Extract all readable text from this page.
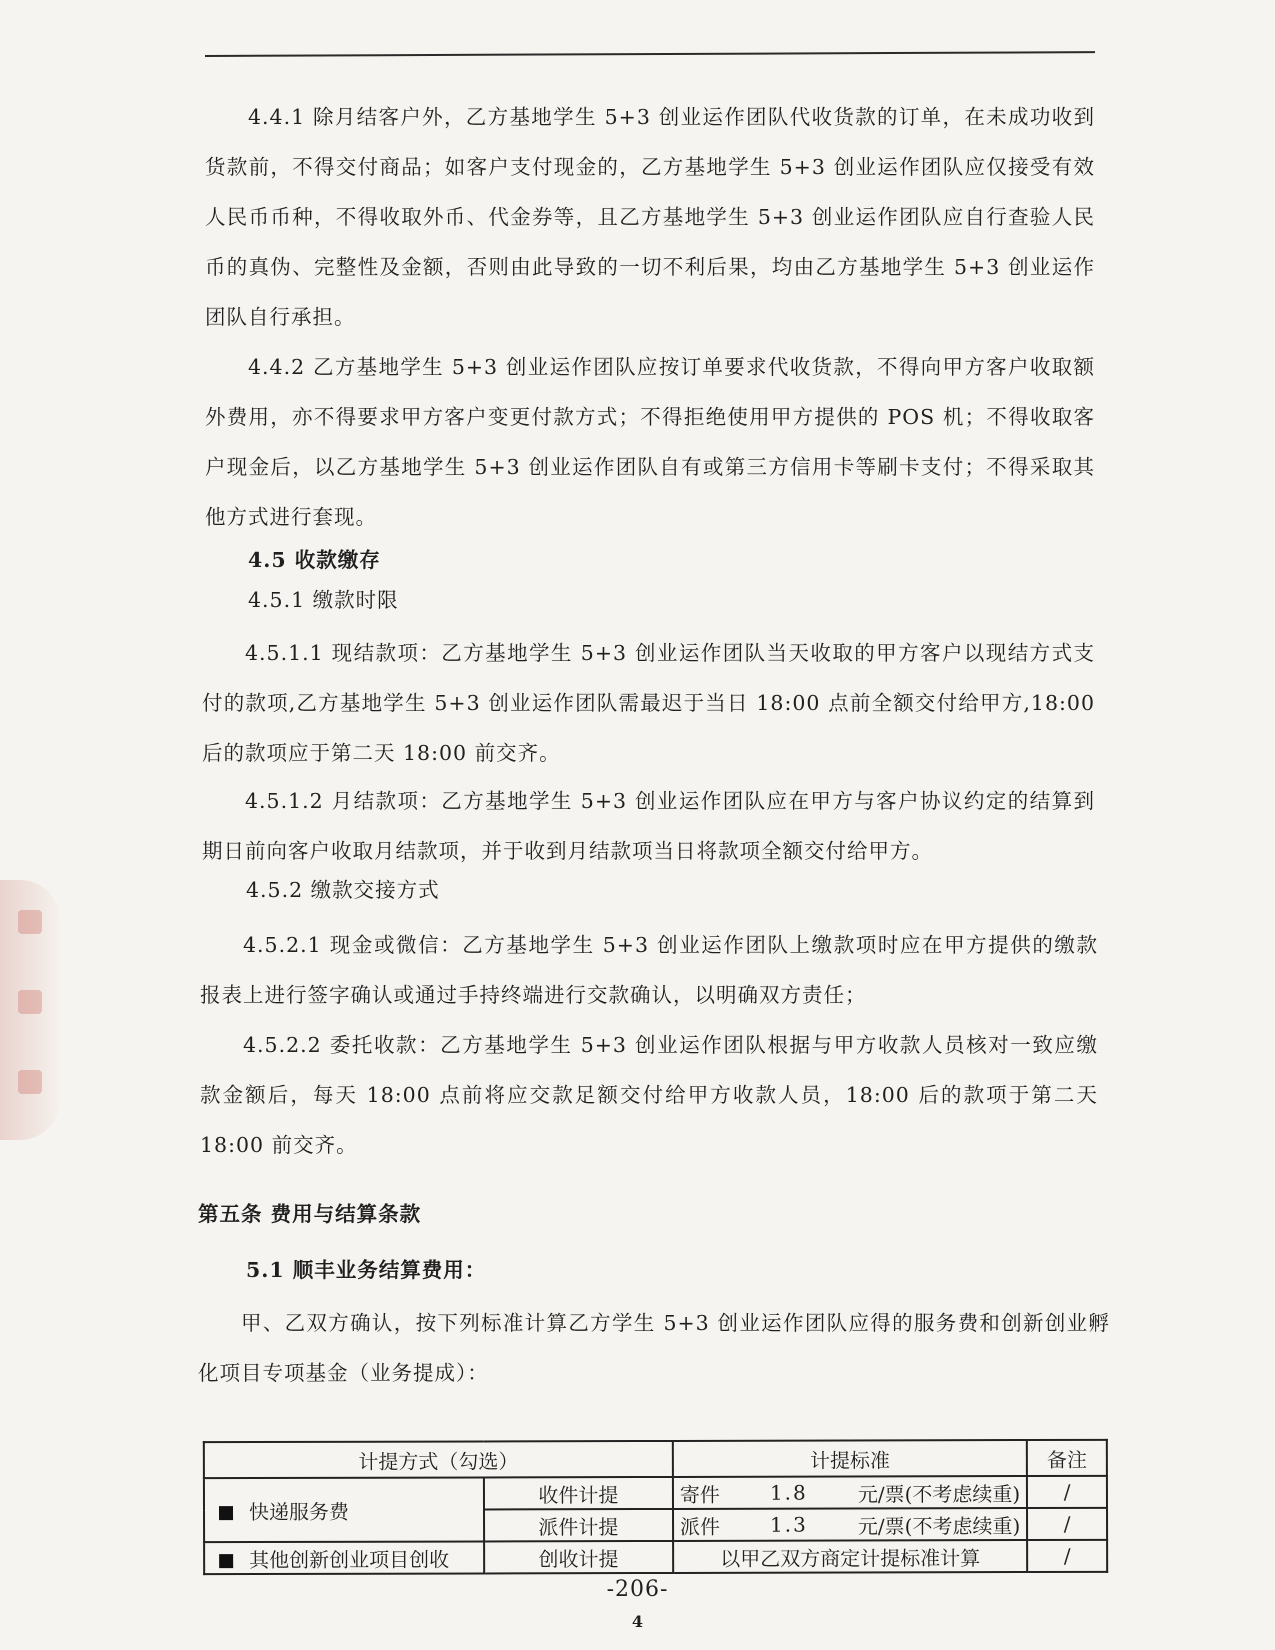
4.4.1 除月结客户外，乙方基地学生 5+3 创业运作团队代收货款的订单，在未成功收到货款前，不得交付商品；如客户支付现金的，乙方基地学生 5+3 创业运作团队应仅接受有效人民币币种，不得收取外币、代金券等，且乙方基地学生 5+3 创业运作团队应自行查验人民币的真伪、完整性及金额，否则由此导致的一切不利后果，均由乙方基地学生 5+3 创业运作团队自行承担。

4.4.2 乙方基地学生 5+3 创业运作团队应按订单要求代收货款，不得向甲方客户收取额外费用，亦不得要求甲方客户变更付款方式；不得拒绝使用甲方提供的 POS 机；不得收取客户现金后，以乙方基地学生 5+3 创业运作团队自有或第三方信用卡等刷卡支付；不得采取其他方式进行套现。

4.5 收款缴存

4.5.1 缴款时限

4.5.1.1 现结款项：乙方基地学生 5+3 创业运作团队当天收取的甲方客户以现结方式支付的款项,乙方基地学生 5+3 创业运作团队需最迟于当日 18:00 点前全额交付给甲方,18:00 后的款项应于第二天 18:00 前交齐。

4.5.1.2 月结款项：乙方基地学生 5+3 创业运作团队应在甲方与客户协议约定的结算到期日前向客户收取月结款项，并于收到月结款项当日将款项全额交付给甲方。

4.5.2 缴款交接方式

4.5.2.1 现金或微信：乙方基地学生 5+3 创业运作团队上缴款项时应在甲方提供的缴款报表上进行签字确认或通过手持终端进行交款确认，以明确双方责任；

4.5.2.2 委托收款：乙方基地学生 5+3 创业运作团队根据与甲方收款人员核对一致应缴款金额后，每天 18:00 点前将应交款足额交付给甲方收款人员，18:00 后的款项于第二天 18:00 前交齐。

第五条 费用与结算条款

5.1 顺丰业务结算费用：

甲、乙双方确认，按下列标准计算乙方学生 5+3 创业运作团队应得的服务费和创新创业孵化项目专项基金（业务提成）：

计提方式（勾选）		计提标准	备注
快递服务费	收件计提	寄件 1.8 元/票(不考虑续重)	/
	派件计提	派件 1.3 元/票(不考虑续重)	/
其他创新创业项目创收	创收计提	以甲乙双方商定计提标准计算	/
-206-
4
